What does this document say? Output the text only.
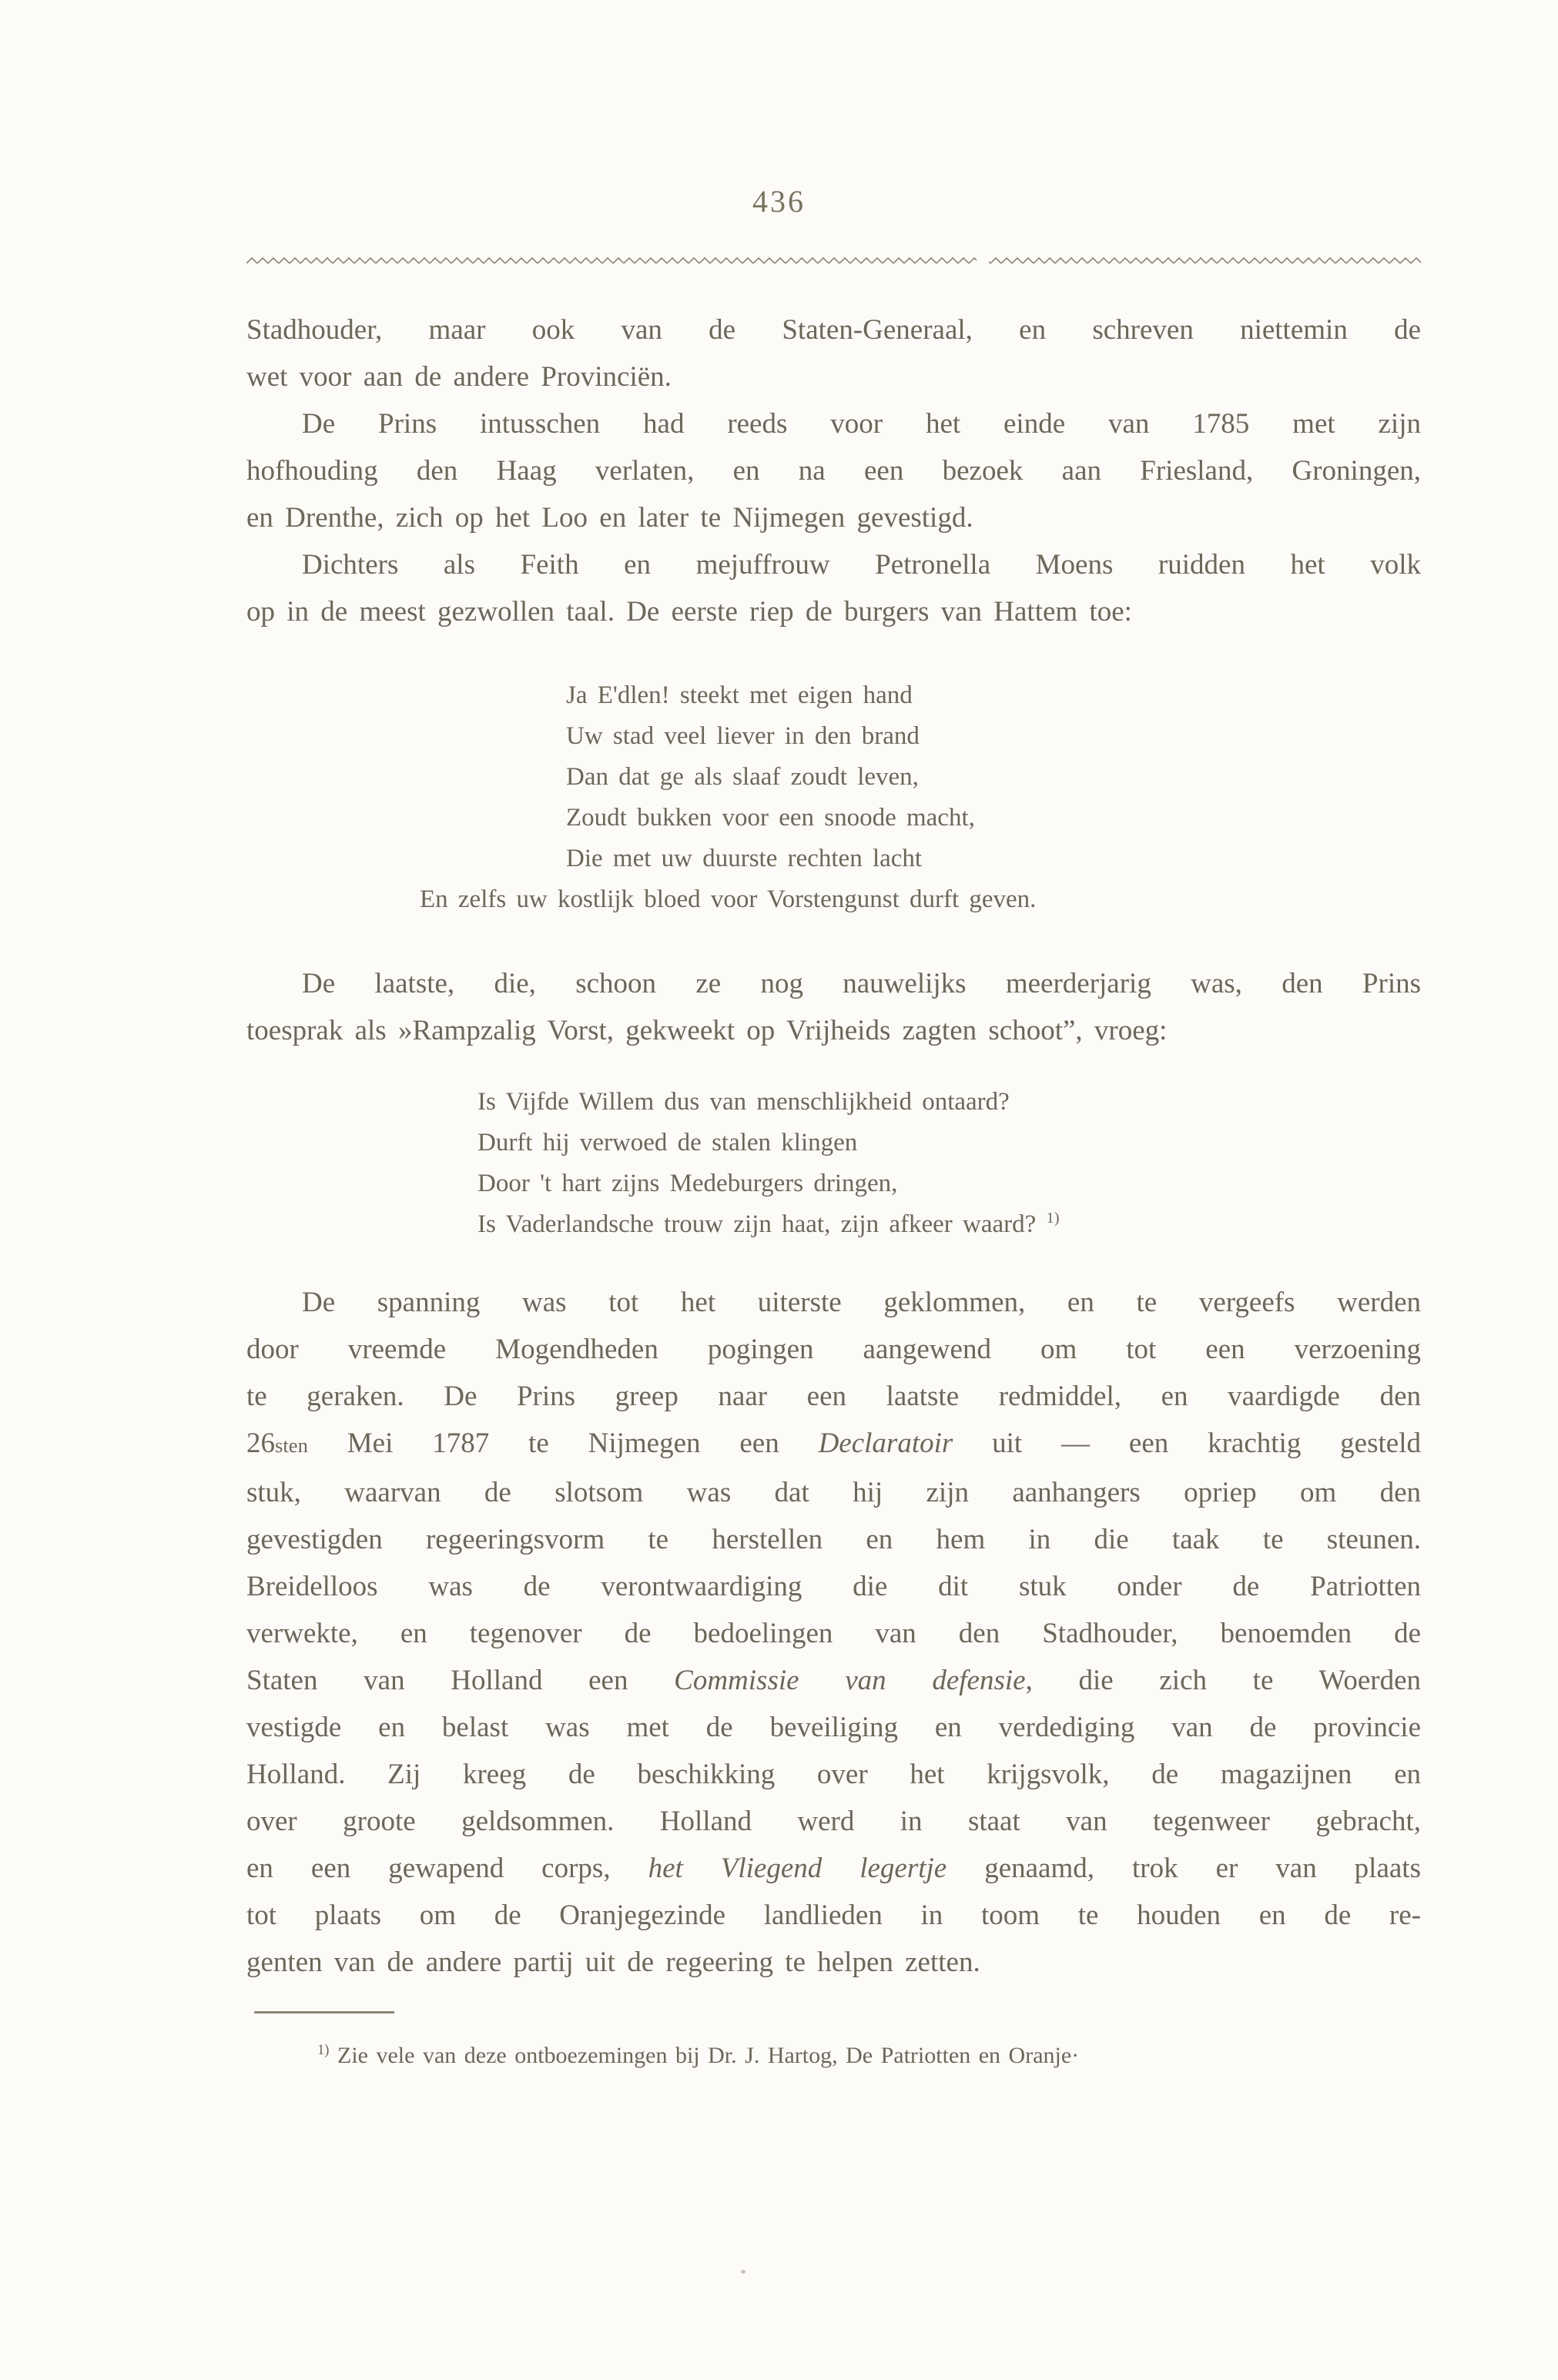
436
Stadhouder, maar ook van de Staten-Generaal, en schreven niettemin de
wet voor aan de andere Provinciën.
De Prins intusschen had reeds voor het einde van 1785 met zijn
hofhouding den Haag verlaten, en na een bezoek aan Friesland, Groningen,
en Drenthe, zich op het Loo en later te Nijmegen gevestigd.
Dichters als Feith en mejuffrouw Petronella Moens ruidden het volk
op in de meest gezwollen taal. De eerste riep de burgers van Hattem toe:
Ja E'dlen! steekt met eigen hand
Uw stad veel liever in den brand
Dan dat ge als slaaf zoudt leven,
Zoudt bukken voor een snoode macht,
Die met uw duurste rechten lacht
En zelfs uw kostlijk bloed voor Vorstengunst durft geven.
De laatste, die, schoon ze nog nauwelijks meerderjarig was, den Prins
toesprak als »Rampzalig Vorst, gekweekt op Vrijheids zagten schoot”, vroeg:
Is Vijfde Willem dus van menschlijkheid ontaard?
Durft hij verwoed de stalen klingen
Door 't hart zijns Medeburgers dringen,
Is Vaderlandsche trouw zijn haat, zijn afkeer waard? $^{1)}$
De spanning was tot het uiterste geklommen, en te vergeefs werden
door vreemde Mogendheden pogingen aangewend om tot een verzoening
te geraken. De Prins greep naar een laatste redmiddel, en vaardigde den
26sten Mei 1787 te Nijmegen een Declaratoir uit — een krachtig gesteld
stuk, waarvan de slotsom was dat hij zijn aanhangers opriep om den
gevestigden regeeringsvorm te herstellen en hem in die taak te steunen.
Breidelloos was de verontwaardiging die dit stuk onder de Patriotten
verwekte, en tegenover de bedoelingen van den Stadhouder, benoemden de
Staten van Holland een Commissie van defensie, die zich te Woerden
vestigde en belast was met de beveiliging en verdediging van de provincie
Holland. Zij kreeg de beschikking over het krijgsvolk, de magazijnen en
over groote geldsommen. Holland werd in staat van tegenweer gebracht,
en een gewapend corps, het Vliegend legertje genaamd, trok er van plaats
tot plaats om de Oranjegezinde landlieden in toom te houden en de re-
genten van de andere partij uit de regeering te helpen zetten.
$^{1)}$ Zie vele van deze ontboezemingen bij Dr. J. Hartog, De Patriotten en Oranje·
